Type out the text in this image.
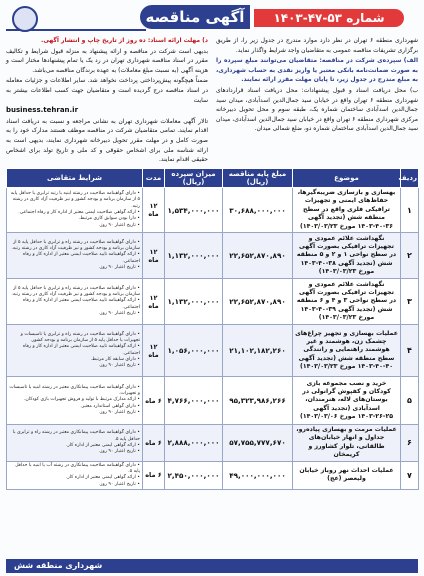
آگهی مناقصه	شماره ۵۳-۴۷-۱۴۰۳

شهرداری منطقه ۶ تهران در نظر دارد موارد مندرج در جدول زیر را، از طریق برگزاری تشریفات مناقصه عمومی به متقاضیان واجد شرایط واگذار نماید.

الف) سپرده‌ی شرکت در مناقصه: متقاضیان می‌توانند مبلغ سپرده را به صورت ضمانت‌نامه بانکی معتبر یا واریز نقدی به حساب شهرداری، به مبلغ مندرج در جدول زیر، تا پایان مهلت مقرر ارائه نمایند.

ب) محل دریافت اسناد و قبول پیشنهادات: محل دریافت اسناد قراردادهای شهرداری منطقه ۶ تهران واقع در خیابان سید جمال‌الدین اسدآبادی، میدان سید جمال‌الدین اسدآبادی ساختمان شماره یک، طبقه سوم و محل تحویل دبیرخانه مرکزی شهرداری منطقه ۶ تهران واقع در خیابان سید جمال‌الدین اسدآبادی، میدان سید جمال‌الدین اسدآبادی ساختمان شماره دو، ضلع شمالی میدان.

د) مهلت ارائه اسناد: ده روز از تاریخ چاپ و انتشار آگهی.

بدیهی است شرکت در مناقصه و ارائه پیشنهاد به منزله قبول شرایط و تکالیف مقرر در اسناد مناقصه شهرداری تهران در رد یک یا تمام پیشنهادها مختار است و هزینه آگهی (به نسبت مبلغ معاملات) به عهده برندگان مناقصه می‌باشد.

ضمناً هیچگونه پیش‌پرداختی پرداخت نخواهد شد. سایر اطلاعات و جزئیات معامله در اسناد مناقصه درج گردیده است و متقاضیان جهت کسب اطلاعات بیشتر به سایت

business.tehran.ir

تالار آگهی معاملات شهرداری تهران به نشانی مراجعه و نسبت به دریافت اسناد اقدام نمایند. تمامی متقاضیان شرکت در مناقصه موظف هستند مدارک خود را به صورت کامل و در مهلت مقرر تحویل دبیرخانه شهرداری نمایند، بدیهی است به ارائه شناسه ملی برای اشخاص حقوقی و کد ملی و تاریخ تولد برای اشخاص حقیقی اقدام نمایند.

ردیف	موضوع	مبلغ پایه مناقصه (ریال)	میزان سپرده (ریال)	مدت	شرایط متقاضی
۱	بهسازی و بازسازی ضریبه‌گیرها، حفاظ‌های ایمنی و تجهیزات ترافیکی فلزی واقع در سطح منطقه شش (تجدید آگهی ۳۶-۴۰-۱۴۰۳ مورخ ۱۴۰۳/۰۳/۲۳)	۳۰,۶۸۸,۰۰۰,۰۰۰	۱,۵۳۴,۰۰۰,۰۰۰	۱۲ ماه	• دارای گواهینامه صلاحیت در رشته ابنیه با رتبه ترابری یا حداقل پایه ۵ از سازمان برنامه و بودجه کشور و نیز ظرفیت آزاد کاری در رشته رتبه.
• ارائه گواهی صلاحیت ایمنی معتبر از اداره کار و رفاه اجتماعی.
• دارا بودن سوابق کاری مرتبط.
• تاریخ اعتبار ۹۰ روز.

۲	نگهداشت علائم عمودی و تجهیزات ترافیکی بصورت آگهی در سطح نواحی ۱ و ۲ و ۵ منطقه شش (تجدید آگهی ۳۸-۴۰-۱۴۰۳ مورخ ۱۴۰۳/۰۳/۲۳)	۲۲,۶۵۲,۸۷۰,۸۹۰	۱,۱۳۲,۰۰۰,۰۰۰	۱۲ ماه	• دارای گواهینامه صلاحیت در رشته راه و ترابری با حداقل پایه ۵ از سازمان برنامه و بودجه کشور و نیز ظرفیت آزاد کاری در رشته رتبه.
• ارائه گواهینامه تایید صلاحیت ایمنی معتبر از اداره کار و رفاه اجتماعی.
• تاریخ اعتبار ۹۰ روز.

۳	نگهداشت علائم عمودی و تجهیزات ترافیکی بصورت آگهی در سطح نواحی ۳ و ۴ و ۶ منطقه شش (تجدید آگهی ۳۹-۴۰-۱۴۰۳ مورخ ۱۴۰۳/۰۳/۲۳)	۲۲,۶۵۲,۸۷۰,۸۹۰	۱,۱۳۲,۰۰۰,۰۰۰	۱۲ ماه	• دارای گواهینامه صلاحیت در رشته راه و ترابری با حداقل پایه ۵ از سازمان برنامه و بودجه کشور و نیز ظرفیت آزاد کاری در رشته رتبه.
• ارائه گواهینامه تایید صلاحیت ایمنی معتبر از اداره کار و رفاه اجتماعی.
• تاریخ اعتبار ۹۰ روز.

۴	عملیات بهسازی و تجهیز چراغ‌های چشمک زن، هوشمند و غیر هوشمند راهنمایی و رانندگی سطح منطقه شش (تجدید آگهی ۴۰-۴۰-۱۴۰۳ مورخ ۱۴۰۳/۰۳/۲۳)	۲۱,۱۰۲,۱۸۲,۲۶۰	۱,۰۵۶,۰۰۰,۰۰۰	۱۲ ماه	• دارای گواهینامه صلاحیت در رشته راه و ترابری یا تاسیسات و تجهیزات با حداقل پایه ۵ از سازمان برنامه و بودجه کشور.
• ارائه گواهینامه تایید صلاحیت ایمنی معتبر از اداره کار و رفاه اجتماعی.
• دارای سابقه کار مرتبط.
• تاریخ اعتبار ۹۰ روز.

۵	خرید و نصب مجموعه بازی کودکان و کفپوش گرانولی در بوستان‌های لاله، هنرمندان، اسدآبادی (تجدید آگهی ۲۵-۲۶-۱۴۰۳ مورخ ۱۴۰۳/۰۳/۰۶)	۹۵,۳۲۳,۹۸۶,۲۶۶	۴,۷۶۶,۰۰۰,۰۰۰	۶ ماه	• دارای گواهینامه صلاحیت پیمانکاری معتبر در رشته ابنیه یا تاسیسات و تجهیزات.
• ارائه مدارک مرتبط با تولید و فروش تجهیزات بازی کودکان.
• دارای گواهی استاندارد معتبر.
• تاریخ اعتبار ۹۰ روز.

۶	عملیات مرمت و بهسازی پیاده‌رو، جداول و انهار خیابان‌های طالقانی، تلوار کشاورز و کریمخان	۵۷,۷۵۵,۷۷۷,۶۷۰	۲,۸۸۸,۰۰۰,۰۰۰	۶ ماه	• دارای گواهینامه صلاحیت پیمانکاری معتبر در رشته راه و ترابری با حداقل پایه ۵.
• ارائه گواهی ایمنی معتبر از اداره کار.
• تاریخ اعتبار ۹۰ روز.

۷	عملیات احداث نهر روباز خیابان ولیعصر (عج)	۴۹,۰۰۰,۰۰۰,۰۰۰	۲,۴۵۰,۰۰۰,۰۰۰	۶ ماه	• دارای گواهینامه صلاحیت پیمانکاری در رشته آب یا ابنیه با حداقل پایه ۵.
• ارائه گواهی ایمنی معتبر از اداره کار.
• تاریخ اعتبار ۹۰ روز.
شهرداری منطقه شش
